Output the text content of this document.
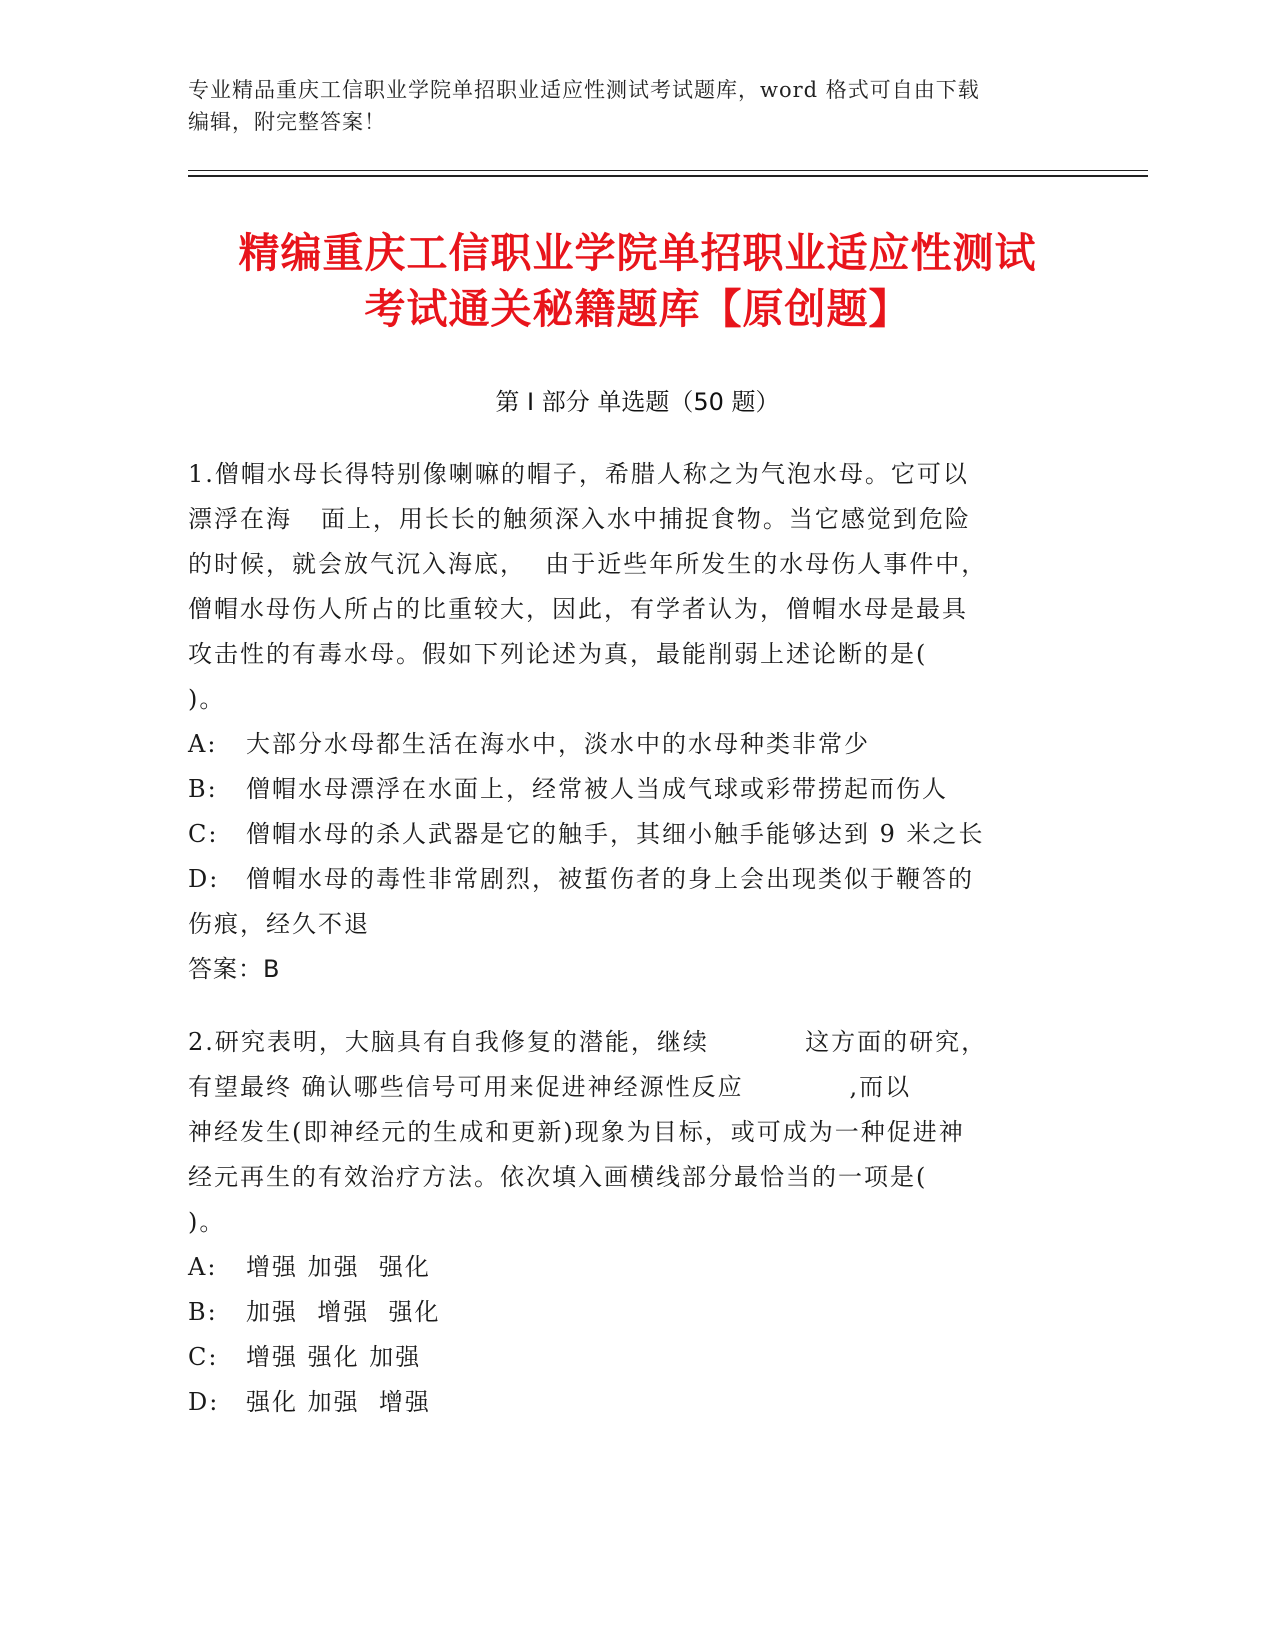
专业精品重庆工信职业学院单招职业适应性测试考试题库，word 格式可自由下载
编辑，附完整答案！
精编重庆工信职业学院单招职业适应性测试
考试通关秘籍题库【原创题】
第 I 部分 单选题（50 题）
1.僧帽水母长得特别像喇嘛的帽子，希腊人称之为气泡水母。它可以
漂浮在海   面上，用长长的触须深入水中捕捉食物。当它感觉到危险
的时候，就会放气沉入海底，  由于近些年所发生的水母伤人事件中，
僧帽水母伤人所占的比重较大，因此，有学者认为，僧帽水母是最具
攻击性的有毒水母。假如下列论述为真，最能削弱上述论断的是(
)。
A: 大部分水母都生活在海水中，淡水中的水母种类非常少
B: 僧帽水母漂浮在水面上，经常被人当成气球或彩带捞起而伤人
C: 僧帽水母的杀人武器是它的触手，其细小触手能够达到 9 米之长
D: 僧帽水母的毒性非常剧烈，被蜇伤者的身上会出现类似于鞭答的
伤痕，经久不退
答案：B
2.研究表明，大脑具有自我修复的潜能，继续          这方面的研究，
有望最终 确认哪些信号可用来促进神经源性反应           ,而以
神经发生(即神经元的生成和更新)现象为目标，或可成为一种促进神
经元再生的有效治疗方法。依次填入画横线部分最恰当的一项是(
)。
A: 增强 加强  强化
B: 加强  增强  强化
C: 增强 强化 加强
D: 强化 加强  增强
